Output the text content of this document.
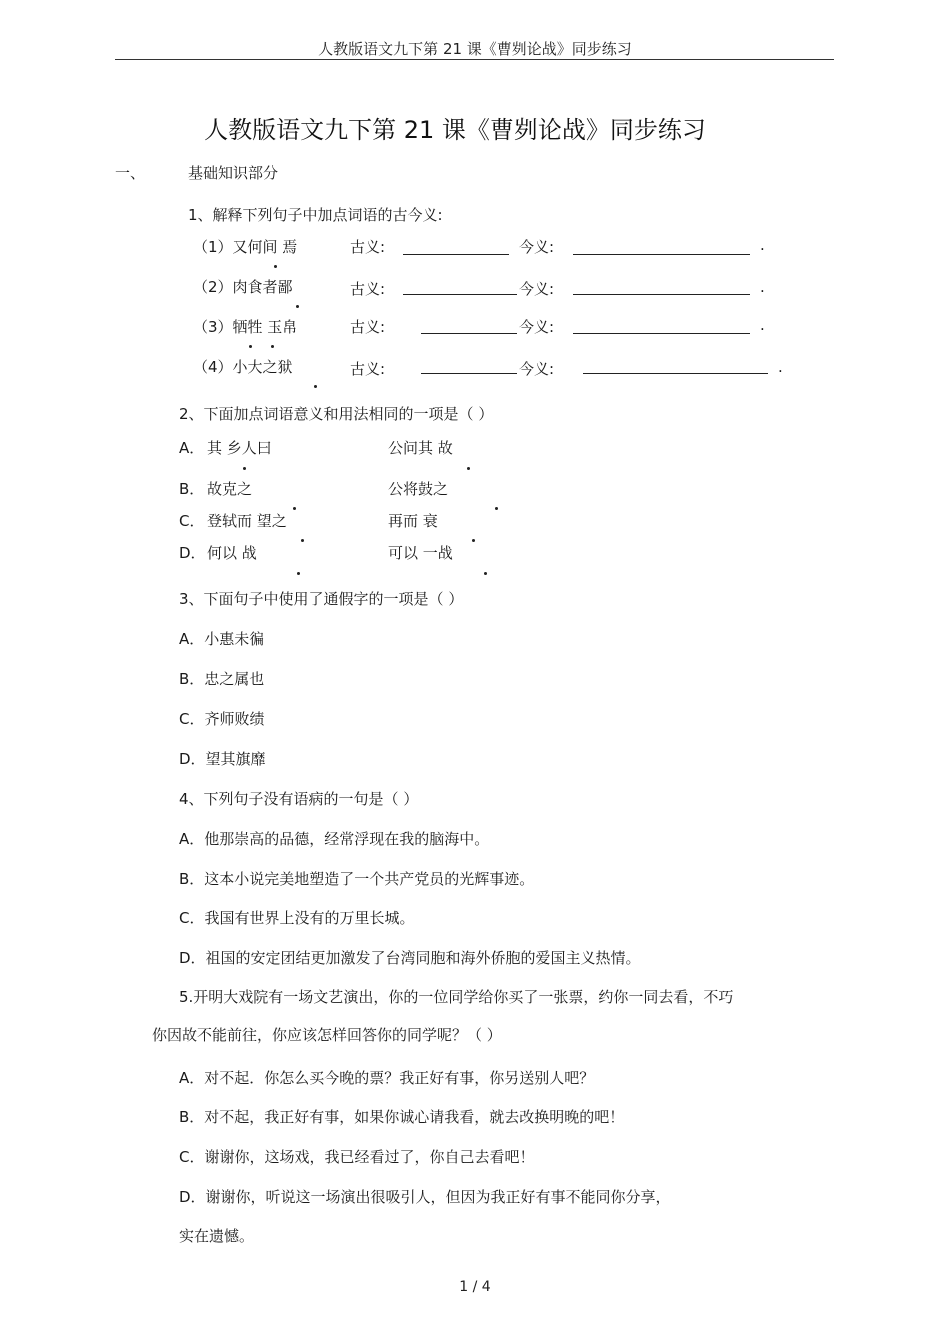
人教版语文九下第 21 课《曹刿论战》同步练习
人教版语文九下第 21 课《曹刿论战》同步练习
一、	基础知识部分
1、解释下列句子中加点词语的古今义:
（1）又何间 焉
	古义:	今义:	.
（2）肉食者鄙
	古义:	今义:	.
（3）牺牲 玉帛
	古义:	今义:	.
（4）小大之狱
	古义:	今义:	.
2、下面加点词语意义和用法相同的一项是（ ）
A． 其 乡人曰
	公问其 故

B． 故克之
	公将鼓之

C． 登轼而 望之
	再而 衰

D． 何以 战
	可以 一战
3、下面句子中使用了通假字的一项是（ ）
A．小惠未徧
B．忠之属也
C．齐师败绩
D．望其旗靡
4、下列句子没有语病的一句是（ ）
A．他那崇高的品德，经常浮现在我的脑海中。
B．这本小说完美地塑造了一个共产党员的光辉事迹。
C．我国有世界上没有的万里长城。
D．祖国的安定团结更加激发了台湾同胞和海外侨胞的爱国主义热情。
5.开明大戏院有一场文艺演出，你的一位同学给你买了一张票，约你一同去看，不巧
你因故不能前往，你应该怎样回答你的同学呢？（ ）
A．对不起．你怎么买今晚的票？我正好有事，你另送别人吧？
B．对不起，我正好有事，如果你诚心请我看，就去改换明晚的吧！
C．谢谢你，这场戏，我已经看过了，你自己去看吧！
D．谢谢你，听说这一场演出很吸引人，但因为我正好有事不能同你分享，
实在遗憾。
1 / 4
